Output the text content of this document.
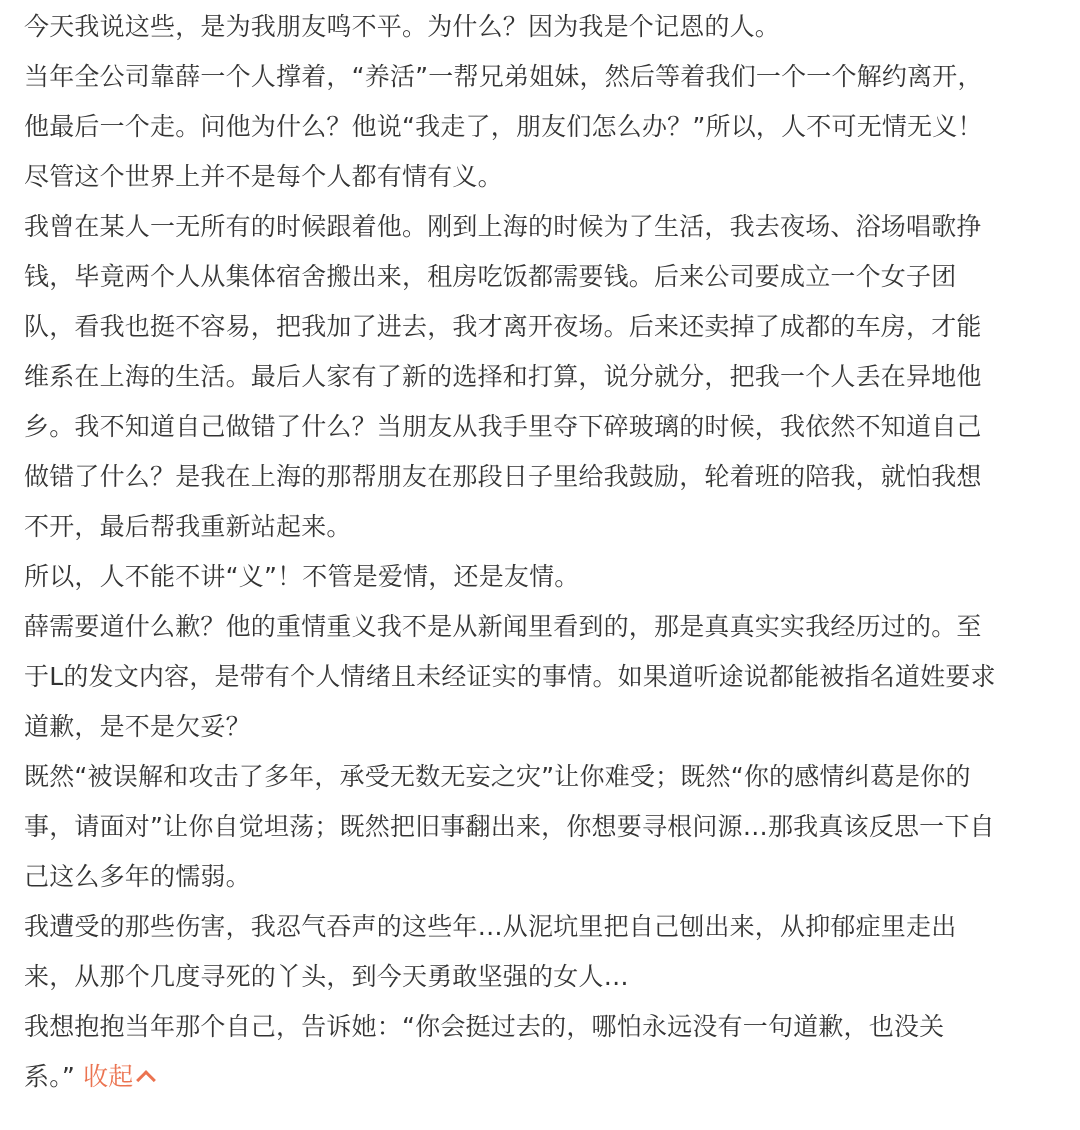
今天我说这些，是为我朋友鸣不平。为什么？因为我是个记恩的人。

当年全公司靠薛一个人撑着，“养活”一帮兄弟姐妹，然后等着我们一个一个解约离开，

他最后一个走。问他为什么？他说“我走了，朋友们怎么办？”所以，人不可无情无义！

尽管这个世界上并不是每个人都有情有义。

我曾在某人一无所有的时候跟着他。刚到上海的时候为了生活，我去夜场、浴场唱歌挣

钱，毕竟两个人从集体宿舍搬出来，租房吃饭都需要钱。后来公司要成立一个女子团

队，看我也挺不容易，把我加了进去，我才离开夜场。后来还卖掉了成都的车房，才能

维系在上海的生活。最后人家有了新的选择和打算，说分就分，把我一个人丢在异地他

乡。我不知道自己做错了什么？当朋友从我手里夺下碎玻璃的时候，我依然不知道自己

做错了什么？是我在上海的那帮朋友在那段日子里给我鼓励，轮着班的陪我，就怕我想

不开，最后帮我重新站起来。

所以，人不能不讲“义”！不管是爱情，还是友情。

薛需要道什么歉？他的重情重义我不是从新闻里看到的，那是真真实实我经历过的。至

于L的发文内容，是带有个人情绪且未经证实的事情。如果道听途说都能被指名道姓要求

道歉，是不是欠妥？

既然“被误解和攻击了多年，承受无数无妄之灾”让你难受；既然“你的感情纠葛是你的

事，请面对”让你自觉坦荡；既然把旧事翻出来，你想要寻根问源…那我真该反思一下自

己这么多年的懦弱。

我遭受的那些伤害，我忍气吞声的这些年…从泥坑里把自己刨出来，从抑郁症里走出

来，从那个几度寻死的丫头，到今天勇敢坚强的女人…

我想抱抱当年那个自己，告诉她：“你会挺过去的，哪怕永远没有一句道歉，也没关

系。” 收起
